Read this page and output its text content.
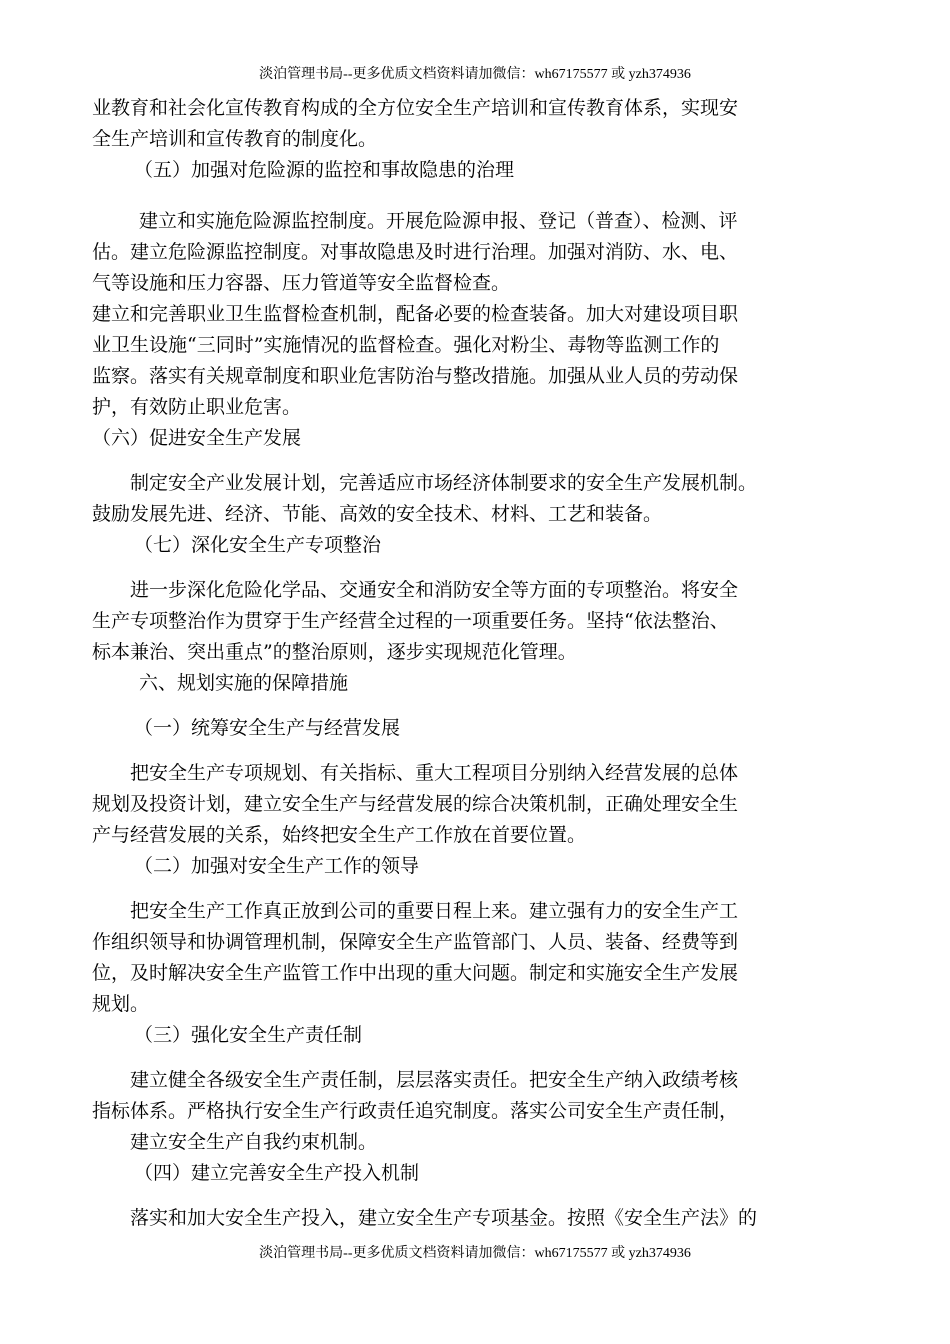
淡泊管理书局--更多优质文档资料请加微信：wh67175577 或 yzh374936
业教育和社会化宣传教育构成的全方位安全生产培训和宣传教育体系，实现安
全生产培训和宣传教育的制度化。
（五）加强对危险源的监控和事故隐患的治理
建立和实施危险源监控制度。开展危险源申报、登记（普查）、检测、评
估。建立危险源监控制度。对事故隐患及时进行治理。加强对消防、水、电、
气等设施和压力容器、压力管道等安全监督检查。
建立和完善职业卫生监督检查机制，配备必要的检查装备。加大对建设项目职
业卫生设施“三同时”实施情况的监督检查。强化对粉尘、毒物等监测工作的
监察。落实有关规章制度和职业危害防治与整改措施。加强从业人员的劳动保
护，有效防止职业危害。
（六）促进安全生产发展
制定安全产业发展计划，完善适应市场经济体制要求的安全生产发展机制。
鼓励发展先进、经济、节能、高效的安全技术、材料、工艺和装备。
（七）深化安全生产专项整治
进一步深化危险化学品、交通安全和消防安全等方面的专项整治。将安全
生产专项整治作为贯穿于生产经营全过程的一项重要任务。坚持“依法整治、
标本兼治、突出重点”的整治原则，逐步实现规范化管理。
六、规划实施的保障措施
（一）统筹安全生产与经营发展
把安全生产专项规划、有关指标、重大工程项目分别纳入经营发展的总体
规划及投资计划，建立安全生产与经营发展的综合决策机制，正确处理安全生
产与经营发展的关系，始终把安全生产工作放在首要位置。
（二）加强对安全生产工作的领导
把安全生产工作真正放到公司的重要日程上来。建立强有力的安全生产工
作组织领导和协调管理机制，保障安全生产监管部门、人员、装备、经费等到
位，及时解决安全生产监管工作中出现的重大问题。制定和实施安全生产发展
规划。
（三）强化安全生产责任制
建立健全各级安全生产责任制，层层落实责任。把安全生产纳入政绩考核
指标体系。严格执行安全生产行政责任追究制度。落实公司安全生产责任制，
建立安全生产自我约束机制。
（四）建立完善安全生产投入机制
落实和加大安全生产投入，建立安全生产专项基金。按照《安全生产法》的
淡泊管理书局--更多优质文档资料请加微信：wh67175577 或 yzh374936
